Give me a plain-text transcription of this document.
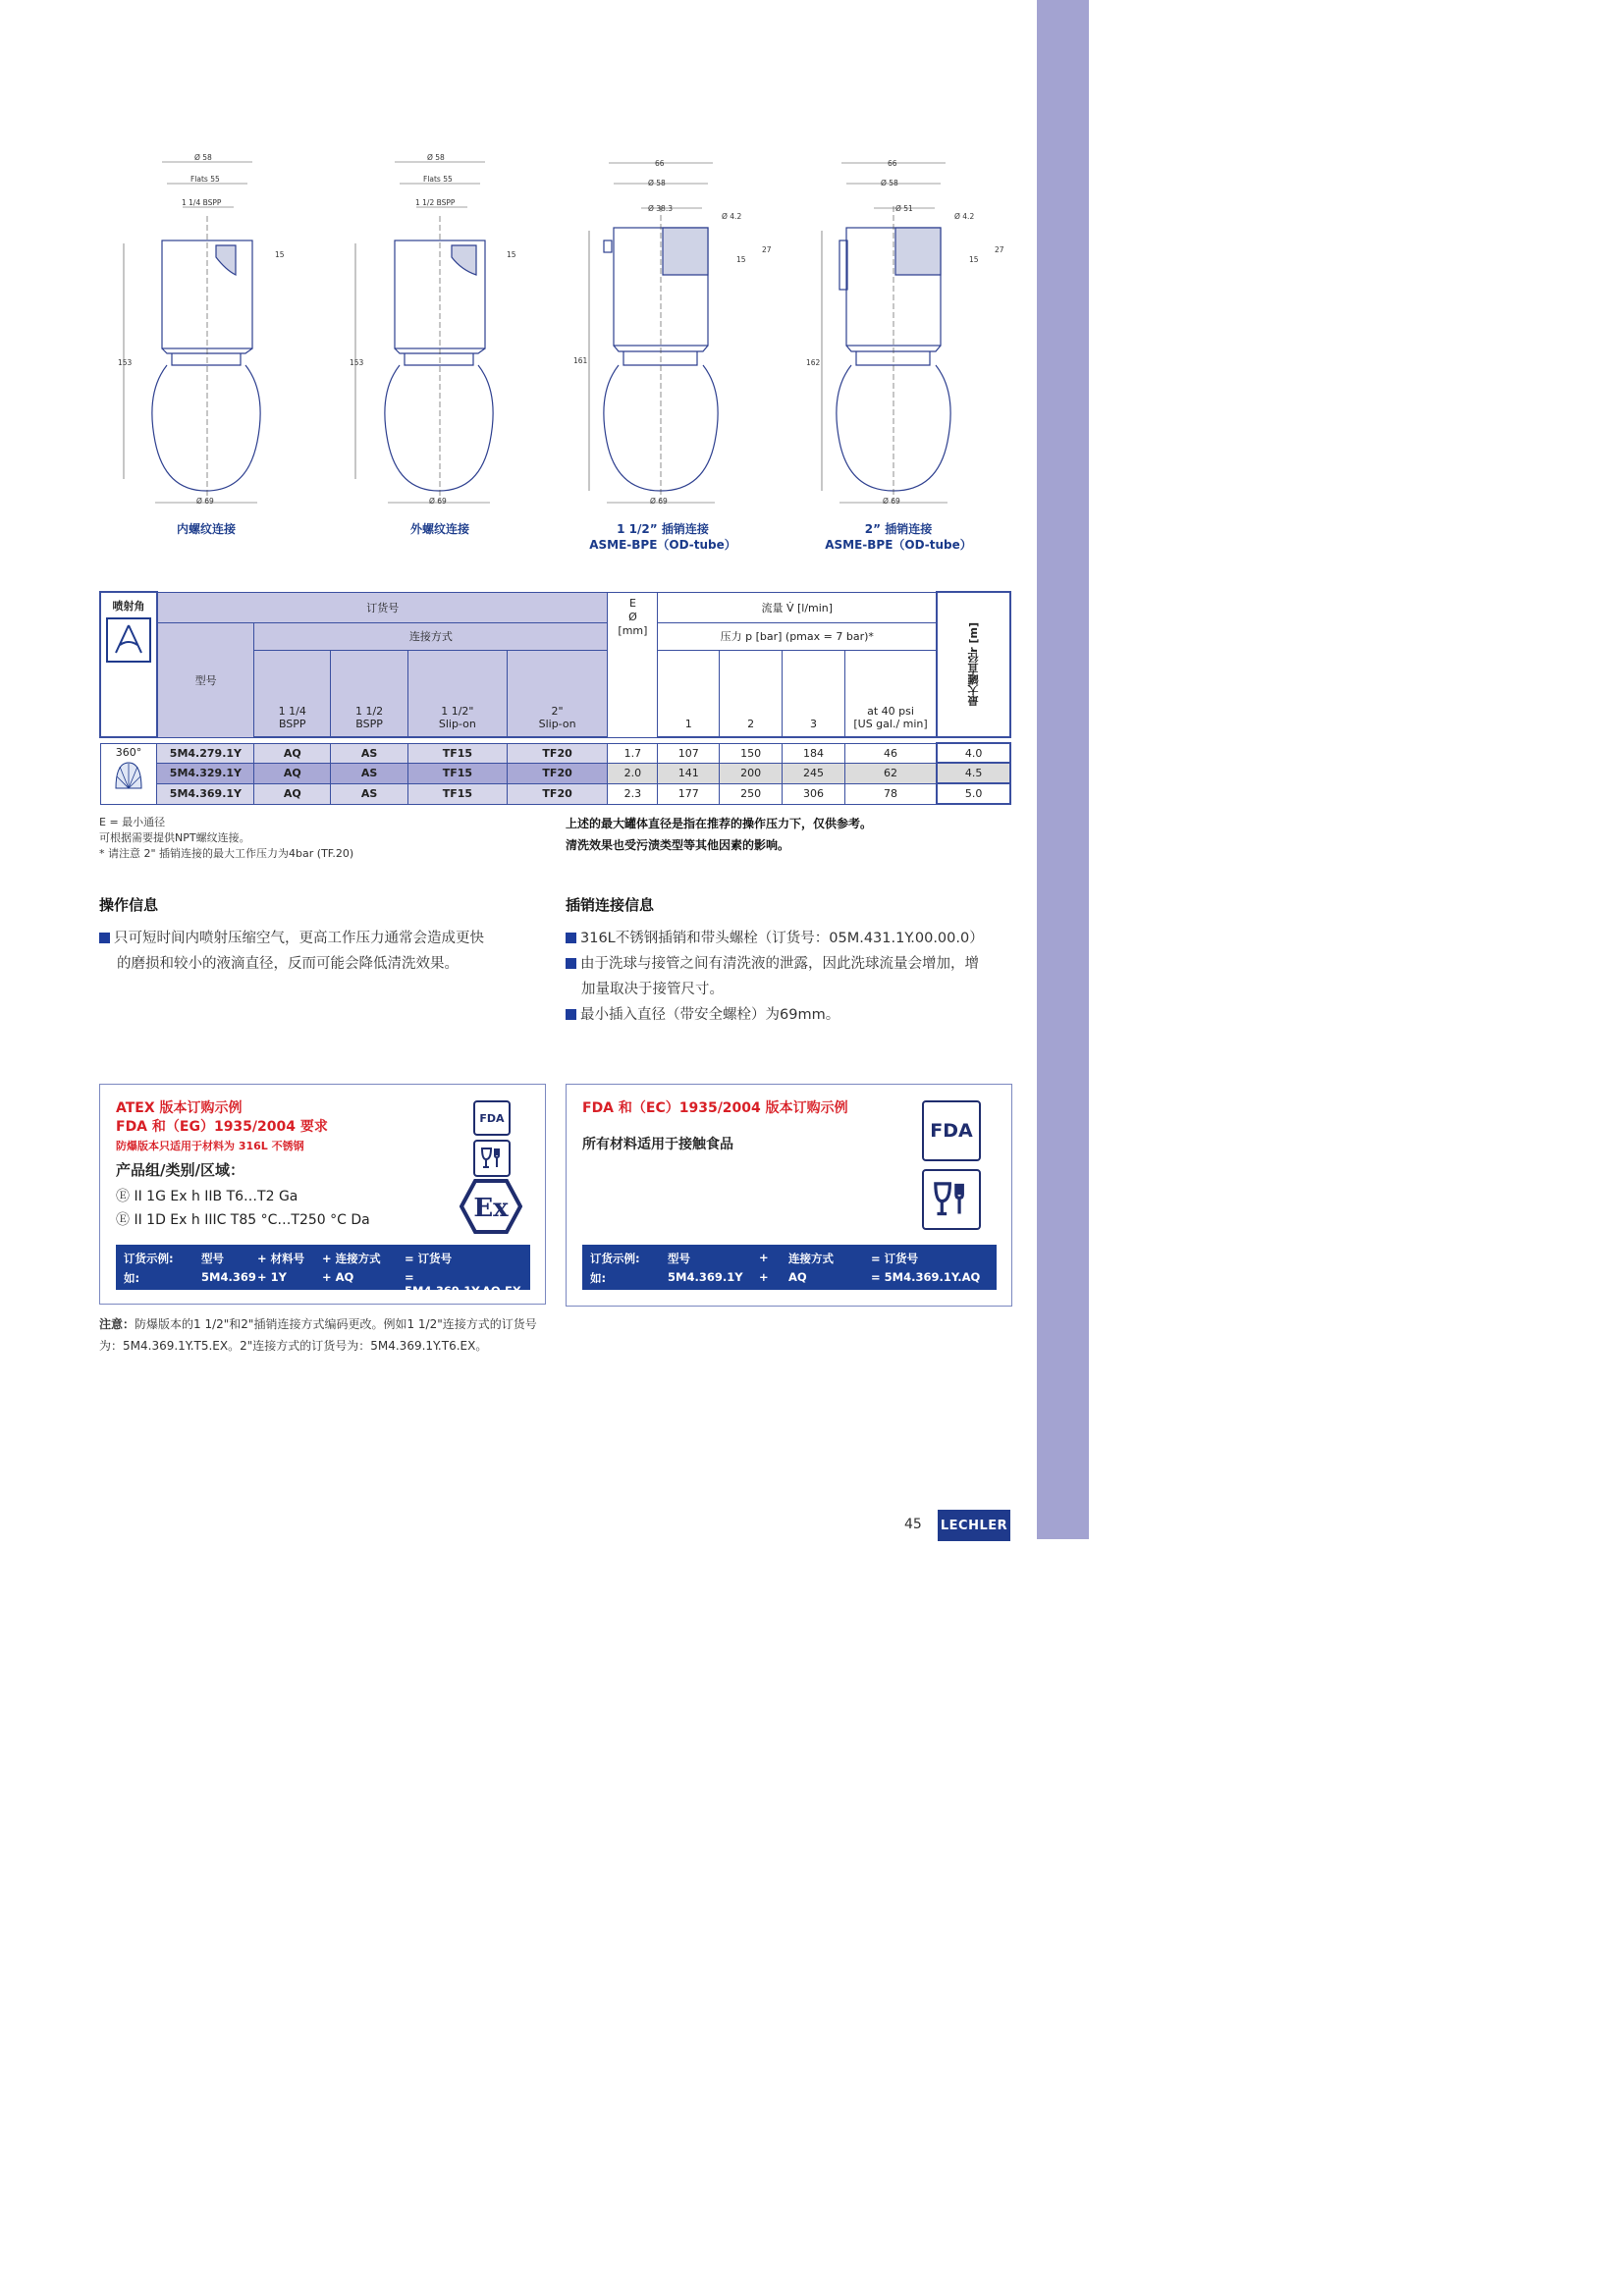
Ø 58
Flats 55
1 1/4 BSPP
15
153
Ø 69
Ø 58
Flats 55
1 1/2 BSPP
15
153
Ø 69
66
Ø 58
Ø 38.3
Ø 4.2
27
15
161
Ø 69
66
Ø 58
Ø 51
Ø 4.2
27
15
162
Ø 69
内螺纹连接	外螺纹连接	1 1/2” 插销连接
ASME-BPE（OD-tube）
2” 插销连接
ASME-BPE（OD-tube）
喷射角	订货号					E
Ø
[mm]	流量 V̇ [l/min]				最大罐直径r [m]

	型号	连接方式					压力 p [bar] (pmax = 7 bar)*				
		1 1/4
BSPP	1 1/2
BSPP	1 1/2"
Slip-on	2"
Slip-on		1	2	3	at 40 psi
[US gal./ min]	

360°	5M4.279.1Y	AQ	AS	TF15	TF20	1.7	107	150	184	46	4.0
	5M4.329.1Y	AQ	AS	TF15	TF20	2.0	141	200	245	62	4.5
	5M4.369.1Y	AQ	AS	TF15	TF20	2.3	177	250	306	78	5.0
E = 最小通径
可根据需要提供NPT螺纹连接。
* 请注意 2" 插销连接的最大工作压力为4bar (TF.20)
上述的最大罐体直径是指在推荐的操作压力下，仅供参考。
清洗效果也受污渍类型等其他因素的影响。
操作信息
只可短时间内喷射压缩空气，更高工作压力通常会造成更快
的磨损和较小的液滴直径，反而可能会降低清洗效果。
插销连接信息
316L不锈钢插销和带头螺栓（订货号：05M.431.1Y.00.00.0）
由于洗球与接管之间有清洗液的泄露，因此洗球流量会增加，增
加量取决于接管尺寸。
最小插入直径（带安全螺栓）为69mm。
ATEX 版本订购示例
FDA 和（EG）1935/2004 要求
防爆版本只适用于材料为 316L 不锈钢
产品组/类别/区域：
Ⓔ II 1G Ex h IIB T6…T2 Ga
Ⓔ II 1D Ex h IIIC T85 °C…T250 °C Da
FDA
Ex
订货示例: 型号	+ 材料号 + 连接方式 = 订货号
如:	5M4.369 + 1Y	+ AQ	= 5M4.369.1Y.AQ.EX
FDA 和（EC）1935/2004 版本订购示例
所有材料适用于接触食品
FDA
订货示例: 型号	+ 连接方式	= 订货号
如:	5M4.369.1Y + AQ	= 5M4.369.1Y.AQ
注意：防爆版本的1 1/2"和2"插销连接方式编码更改。例如1 1/2"连接方式的订货号
为：5M4.369.1Y.T5.EX。2"连接方式的订货号为：5M4.369.1Y.T6.EX。
45 LECHLER
